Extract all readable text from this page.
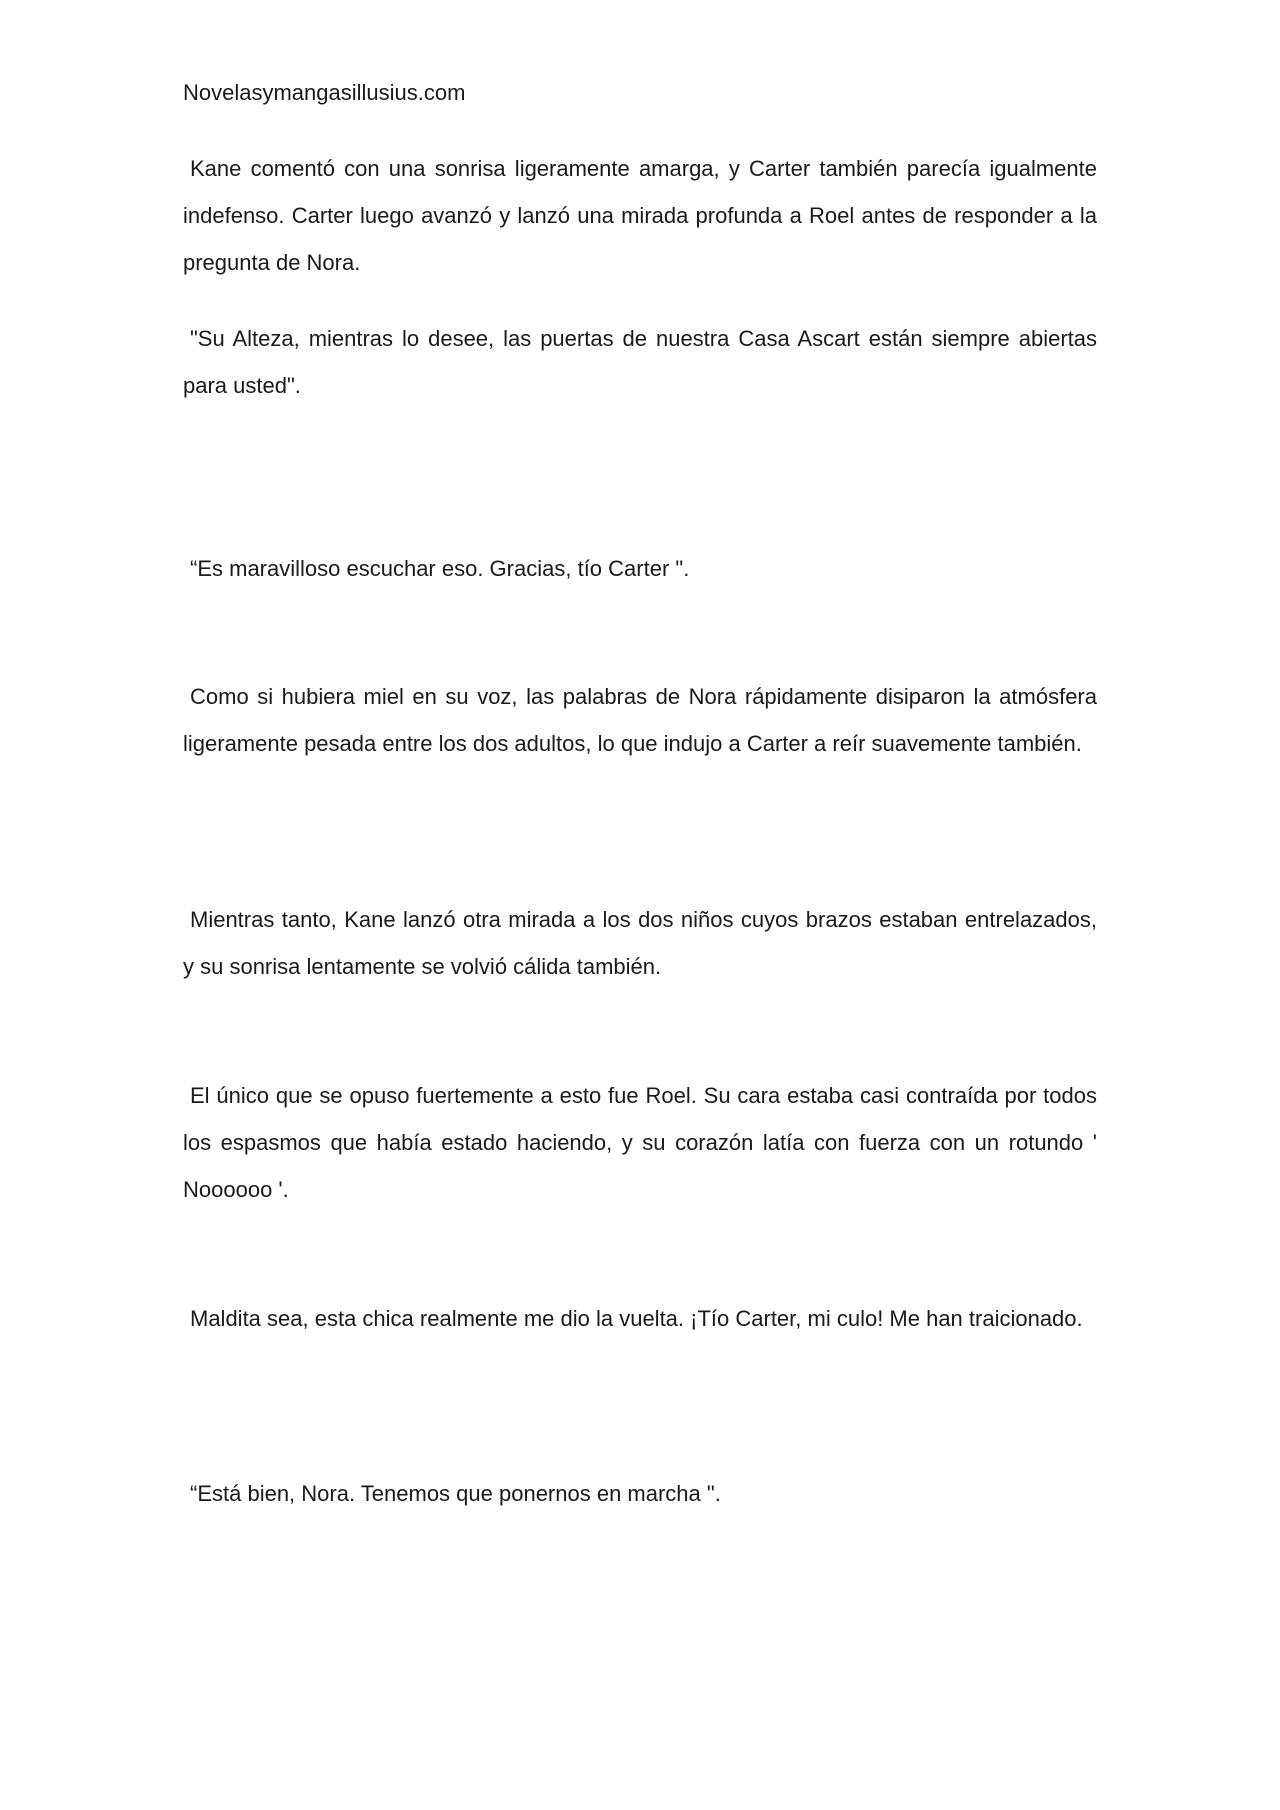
Novelasymangasillusius.com

Kane comentó con una sonrisa ligeramente amarga, y Carter también parecía igualmente indefenso. Carter luego avanzó y lanzó una mirada profunda a Roel antes de responder a la pregunta de Nora.

"Su Alteza, mientras lo desee, las puertas de nuestra Casa Ascart están siempre abiertas para usted".

“Es maravilloso escuchar eso. Gracias, tío Carter ".

Como si hubiera miel en su voz, las palabras de Nora rápidamente disiparon la atmósfera ligeramente pesada entre los dos adultos, lo que indujo a Carter a reír suavemente también.

Mientras tanto, Kane lanzó otra mirada a los dos niños cuyos brazos estaban entrelazados, y su sonrisa lentamente se volvió cálida también.

El único que se opuso fuertemente a esto fue Roel. Su cara estaba casi contraída por todos los espasmos que había estado haciendo, y su corazón latía con fuerza con un rotundo ' Noooooo '.

Maldita sea, esta chica realmente me dio la vuelta. ¡Tío Carter, mi culo! Me han traicionado.

“Está bien, Nora. Tenemos que ponernos en marcha ".
